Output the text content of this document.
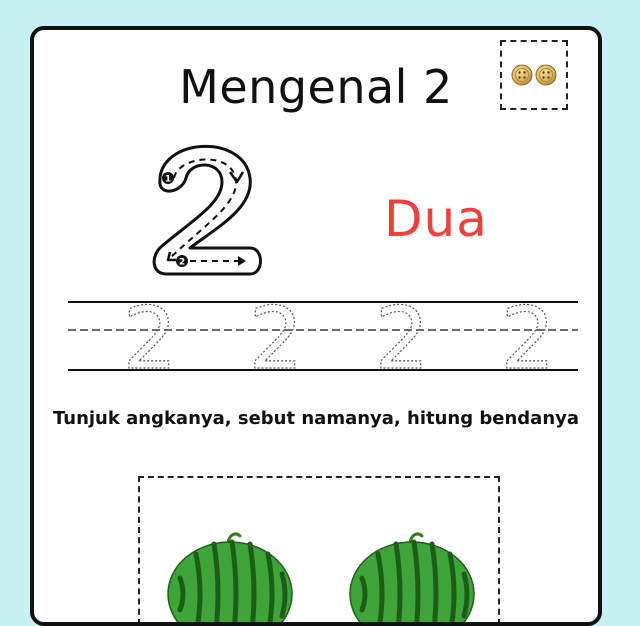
Mengenal 2
1
2
Dua
2 2 2 2
Tunjuk angkanya, sebut namanya, hitung bendanya
